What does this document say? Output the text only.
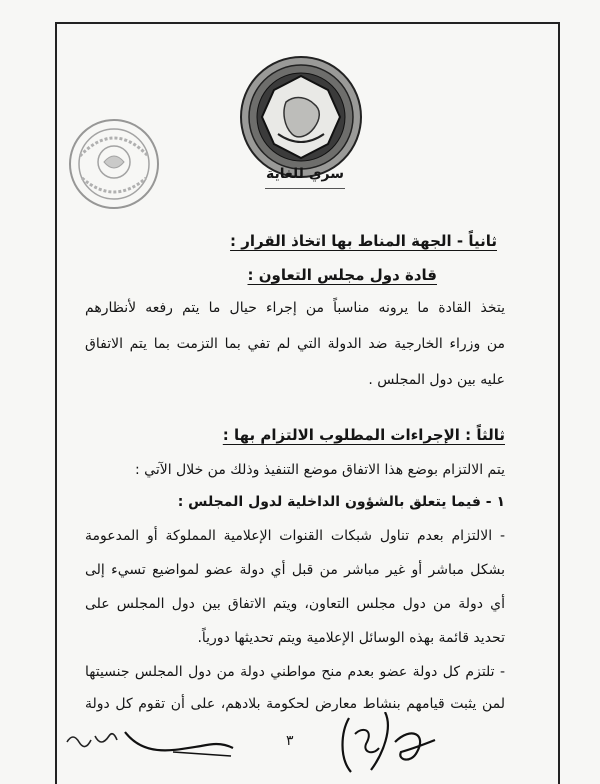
سري للغاية
ثانياً - الجهة المناط بها اتخاذ القرار :
قادة دول مجلس التعاون :
يتخذ القادة ما يرونه مناسباً من إجراء حيال ما يتم رفعه لأنظارهم
من وزراء الخارجية ضد الدولة التي لم تفي بما التزمت بما يتم الاتفاق
عليه بين دول المجلس .
ثالثاً : الإجراءات المطلوب الالتزام بها :
يتم الالتزام بوضع هذا الاتفاق موضع التنفيذ وذلك من خلال الآتي :
١ - فيما يتعلق بالشؤون الداخلية لدول المجلس :
- الالتزام بعدم تناول شبكات القنوات الإعلامية المملوكة أو المدعومة
بشكل مباشر أو غير مباشر من قبل أي دولة عضو لمواضيع تسيء إلى
أي دولة من دول مجلس التعاون، ويتم الاتفاق بين دول المجلس على
تحديد قائمة بهذه الوسائل الإعلامية ويتم تحديثها دورياً.
- تلتزم كل دولة عضو بعدم منح مواطني دولة من دول المجلس جنسيتها
لمن يثبت قيامهم بنشاط معارض لحكومة بلادهم، على أن تقوم كل دولة
٣
